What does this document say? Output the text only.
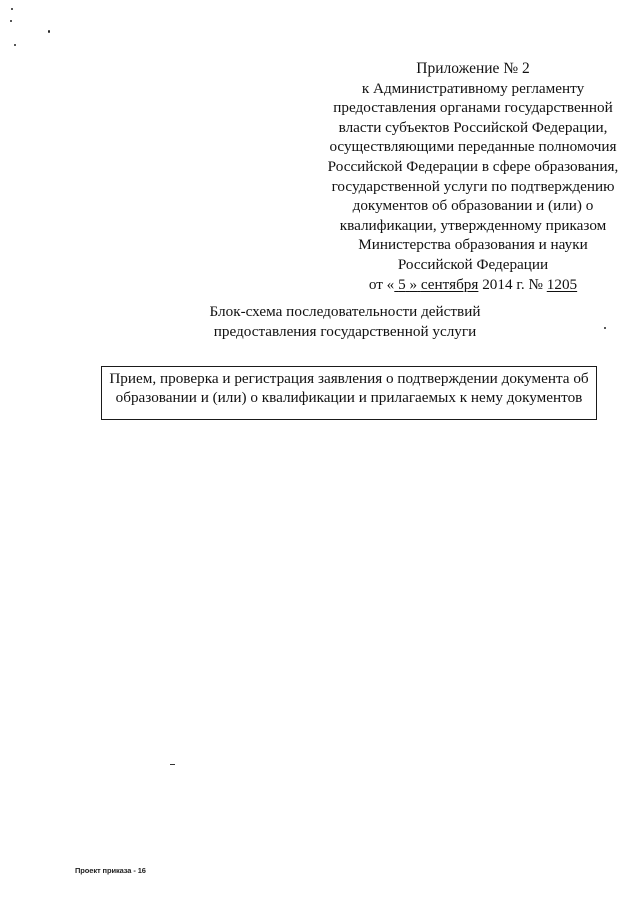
Приложение № 2
к Административному регламенту
предоставления органами государственной
власти субъектов Российской Федерации,
осуществляющими переданные полномочия
Российской Федерации в сфере образования,
государственной услуги по подтверждению
документов об образовании и (или) о
квалификации, утвержденному приказом
Министерства образования и науки
Российской Федерации
от « 5 » сентября 2014 г. № 1205
Блок-схема последовательности действий
предоставления государственной услуги
Прием, проверка и регистрация заявления о подтверждении документа об
образовании и (или) о квалификации и прилагаемых к нему документов
Проект приказа - 16
